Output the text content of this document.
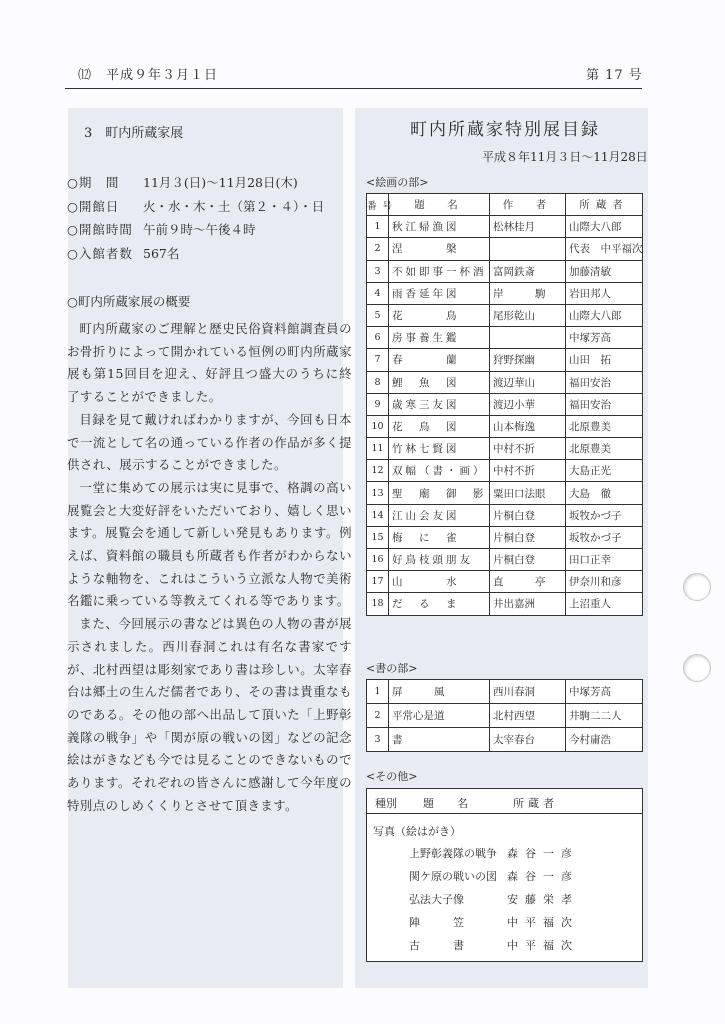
⑿　平成９年３月１日	第 17 号
3　町内所蔵家展
○期　間 11月３(日)〜11月28日(木)
○開館日 火・水・木・土（第２・４）・日
○開館時間 午前９時〜午後４時
○入館者数 567名
○町内所蔵家展の概要

町内所蔵家のご理解と歴史民俗資料館調査員のお骨折りによって開かれている恒例の町内所蔵家展も第15回目を迎え、好評且つ盛大のうちに終了することができました。

目録を見て戴ければわかりますが、今回も日本で一流として名の通っている作者の作品が多く提供され、展示することができました。

一堂に集めての展示は実に見事で、格調の高い展覧会と大変好評をいただいており、嬉しく思います。展覧会を通して新しい発見もあります。例えば、資料館の職員も所蔵者も作者がわからないような軸物を、これはこういう立派な人物で美術名鑑に乗っている等教えてくれる等であります。

また、今回展示の書などは異色の人物の書が展示されました。西川春洞これは有名な書家ですが、北村西望は彫刻家であり書は珍しい。太宰春台は郷土の生んだ儒者であり、その書は貴重なものである。その他の部へ出品して頂いた「上野彰義隊の戦争」や「関が原の戦いの図」などの記念絵はがきなども今では見ることのできないものであります。それぞれの皆さんに感謝して今年度の特別点のしめくくりとさせて頂きます。

町内所蔵家特別展目録
平成８年11月３日〜11月28日
<絵画の部>
番号	題　名	作　者	所蔵者
1	秋江帰漁図	松林桂月	山際大八郎
2	涅　　　槃		代表　中平福次
3	不如即事一杯酒	富岡鉄斎	加藤清敏
4	雨香延年図	岸　　　駒	岩田邦人
5	花　　　鳥	尾形乾山	山際大八郎
6	房事養生鑑		中塚芳高
7	春　　　蘭	狩野探幽	山田　拓
8	鯉　魚　図	渡辺華山	福田安治
9	歳寒三友図	渡辺小華	福田安治
10	花　鳥　図	山本梅逸	北原豊美
11	竹林七賢図	中村不折	北原豊美
12	双幅（書・画）	中村不折	大島正光
13	聖　廟　御　影	粟田口法眼	大島　徹
14	江山会友図	片桐白登	坂牧かづ子
15	梅　に　雀	片桐白登	坂牧かづ子
16	好鳥枝頭朋友	片桐白登	田口正幸
17	山　　　水	直　　　亭	伊奈川和彦
18	だ　る　ま	井出嘉洲	上沼重人
<書の部>
1	屏　　　風	西川春洞	中塚芳高
2	平常心是道	北村西望	井駒二二人
3	書	太宰春台	今村庸浩
<その他>
種別 題　名	所蔵者
写真（絵はがき）
上野彰義隊の戦争 森谷一彦
関ケ原の戦いの図 森谷一彦
弘法大子像	安藤栄孝
陣　　　笠	中平福次
古　　　書	中平福次
